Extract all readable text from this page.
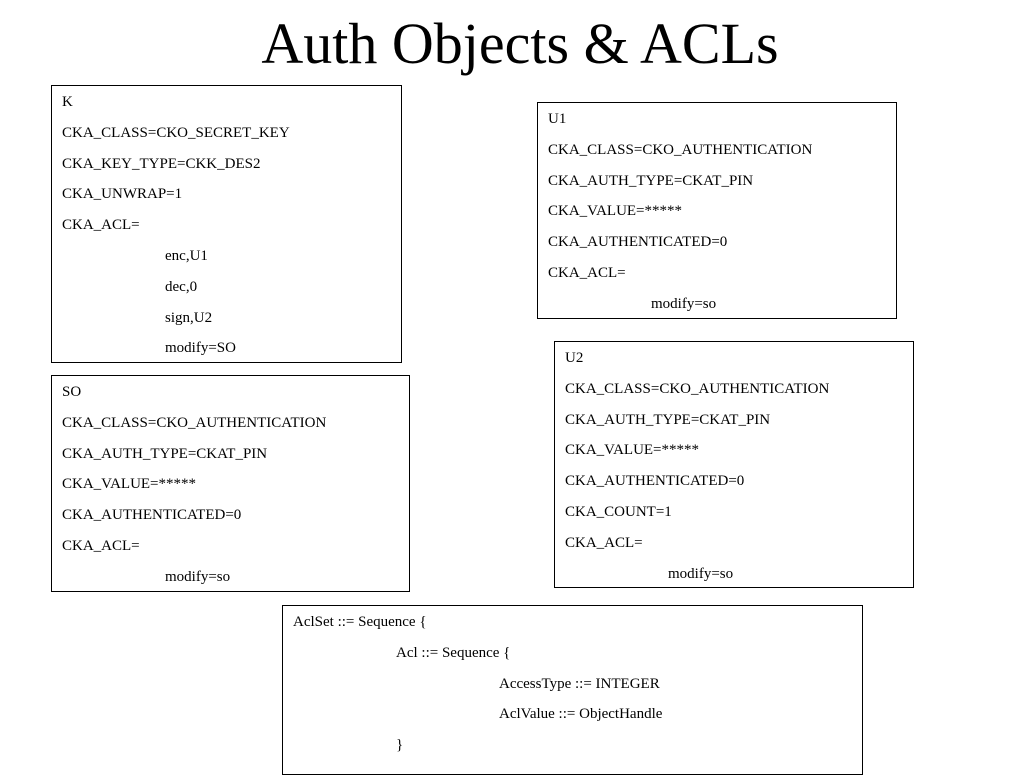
Auth Objects & ACLs
K
CKA_CLASS=CKO_SECRET_KEY
CKA_KEY_TYPE=CKK_DES2
CKA_UNWRAP=1
CKA_ACL=
enc,U1
dec,0
sign,U2
modify=SO
U1
CKA_CLASS=CKO_AUTHENTICATION
CKA_AUTH_TYPE=CKAT_PIN
CKA_VALUE=*****
CKA_AUTHENTICATED=0
CKA_ACL=
modify=so
SO
CKA_CLASS=CKO_AUTHENTICATION
CKA_AUTH_TYPE=CKAT_PIN
CKA_VALUE=*****
CKA_AUTHENTICATED=0
CKA_ACL=
modify=so
U2
CKA_CLASS=CKO_AUTHENTICATION
CKA_AUTH_TYPE=CKAT_PIN
CKA_VALUE=*****
CKA_AUTHENTICATED=0
CKA_COUNT=1
CKA_ACL=
modify=so
AclSet ::= Sequence {
Acl ::= Sequence {
AccessType ::= INTEGER
AclValue ::= ObjectHandle
}
